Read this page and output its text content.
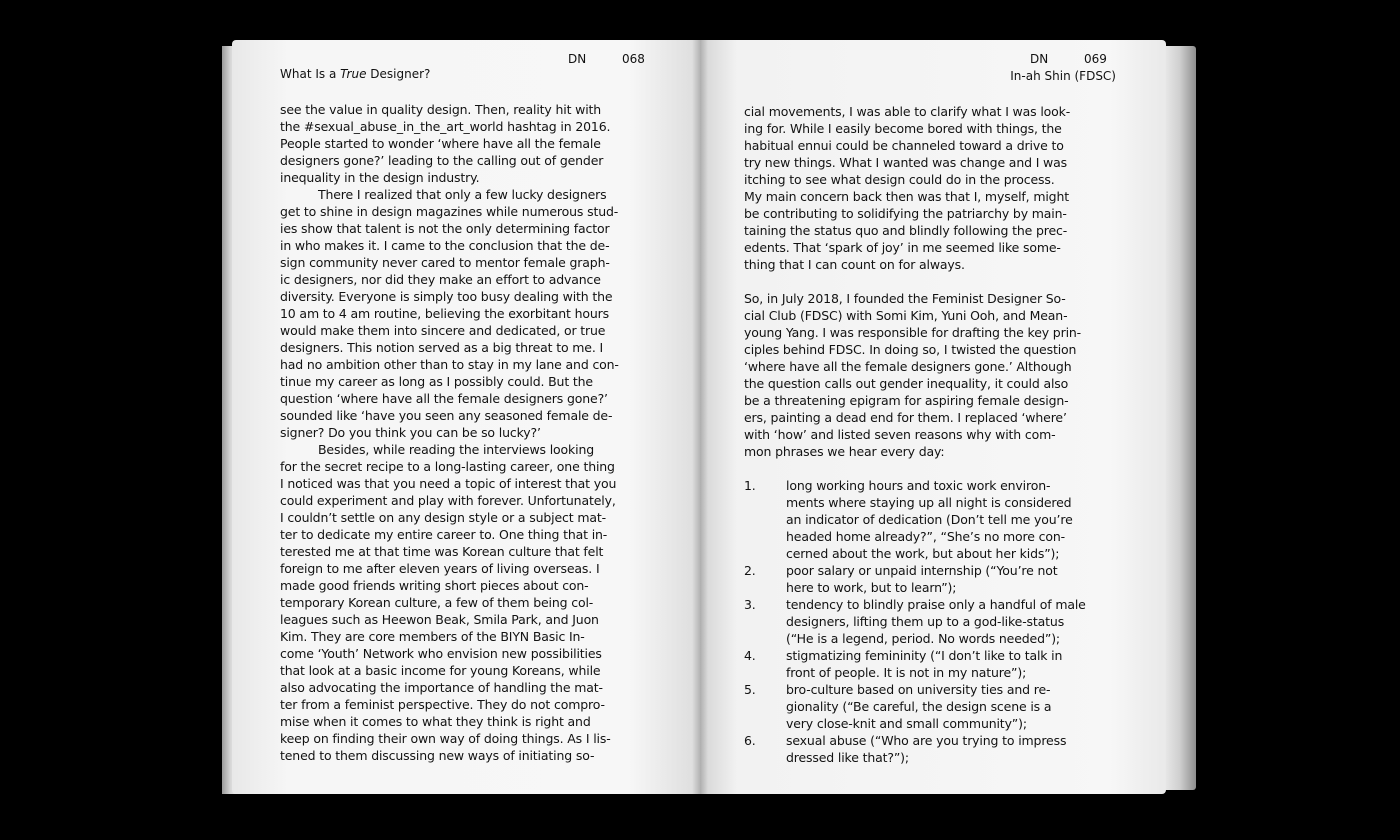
What Is a True Designer?
DN	068
see the value in quality design. Then, reality hit with
the #sexual_abuse_in_the_art_world hashtag in 2016.
People started to wonder ‘where have all the female
designers gone?’ leading to the calling out of gender
inequality in the design industry.
There I realized that only a few lucky designers
get to shine in design magazines while numerous stud-
ies show that talent is not the only determining factor
in who makes it. I came to the conclusion that the de-
sign community never cared to mentor female graph-
ic designers, nor did they make an effort to advance
diversity. Everyone is simply too busy dealing with the
10 am to 4 am routine, believing the exorbitant hours
would make them into sincere and dedicated, or true
designers. This notion served as a big threat to me. I
had no ambition other than to stay in my lane and con-
tinue my career as long as I possibly could. But the
question ‘where have all the female designers gone?’
sounded like ‘have you seen any seasoned female de-
signer? Do you think you can be so lucky?’
Besides, while reading the interviews looking
for the secret recipe to a long-lasting career, one thing
I noticed was that you need a topic of interest that you
could experiment and play with forever. Unfortunately,
I couldn’t settle on any design style or a subject mat-
ter to dedicate my entire career to. One thing that in-
terested me at that time was Korean culture that felt
foreign to me after eleven years of living overseas. I
made good friends writing short pieces about con-
temporary Korean culture, a few of them being col-
leagues such as Heewon Beak, Smila Park, and Juon
Kim. They are core members of the BIYN Basic In-
come ‘Youth’ Network who envision new possibilities
that look at a basic income for young Koreans, while
also advocating the importance of handling the mat-
ter from a feminist perspective. They do not compro-
mise when it comes to what they think is right and
keep on finding their own way of doing things. As I lis-
tened to them discussing new ways of initiating so-
DN	069
In-ah Shin (FDSC)
cial movements, I was able to clarify what I was look-
ing for. While I easily become bored with things, the
habitual ennui could be channeled toward a drive to
try new things. What I wanted was change and I was
itching to see what design could do in the process.
My main concern back then was that I, myself, might
be contributing to solidifying the patriarchy by main-
taining the status quo and blindly following the prec-
edents. That ‘spark of joy’ in me seemed like some-
thing that I can count on for always.
So, in July 2018, I founded the Feminist Designer So-
cial Club (FDSC) with Somi Kim, Yuni Ooh, and Mean-
young Yang. I was responsible for drafting the key prin-
ciples behind FDSC. In doing so, I twisted the question
‘where have all the female designers gone.’ Although
the question calls out gender inequality, it could also
be a threatening epigram for aspiring female design-
ers, painting a dead end for them. I replaced ‘where’
with ‘how’ and listed seven reasons why with com-
mon phrases we hear every day:
1. long working hours and toxic work environ-
ments where staying up all night is considered
an indicator of dedication (Don’t tell me you’re
headed home already?”, “She’s no more con-
cerned about the work, but about her kids”);
2. poor salary or unpaid internship (“You’re not
here to work, but to learn”);
3. tendency to blindly praise only a handful of male
designers, lifting them up to a god-like-status
(“He is a legend, period. No words needed”);
4. stigmatizing femininity (“I don’t like to talk in
front of people. It is not in my nature”);
5. bro-culture based on university ties and re-
gionality (“Be careful, the design scene is a
very close-knit and small community”);
6. sexual abuse (“Who are you trying to impress
dressed like that?”);
